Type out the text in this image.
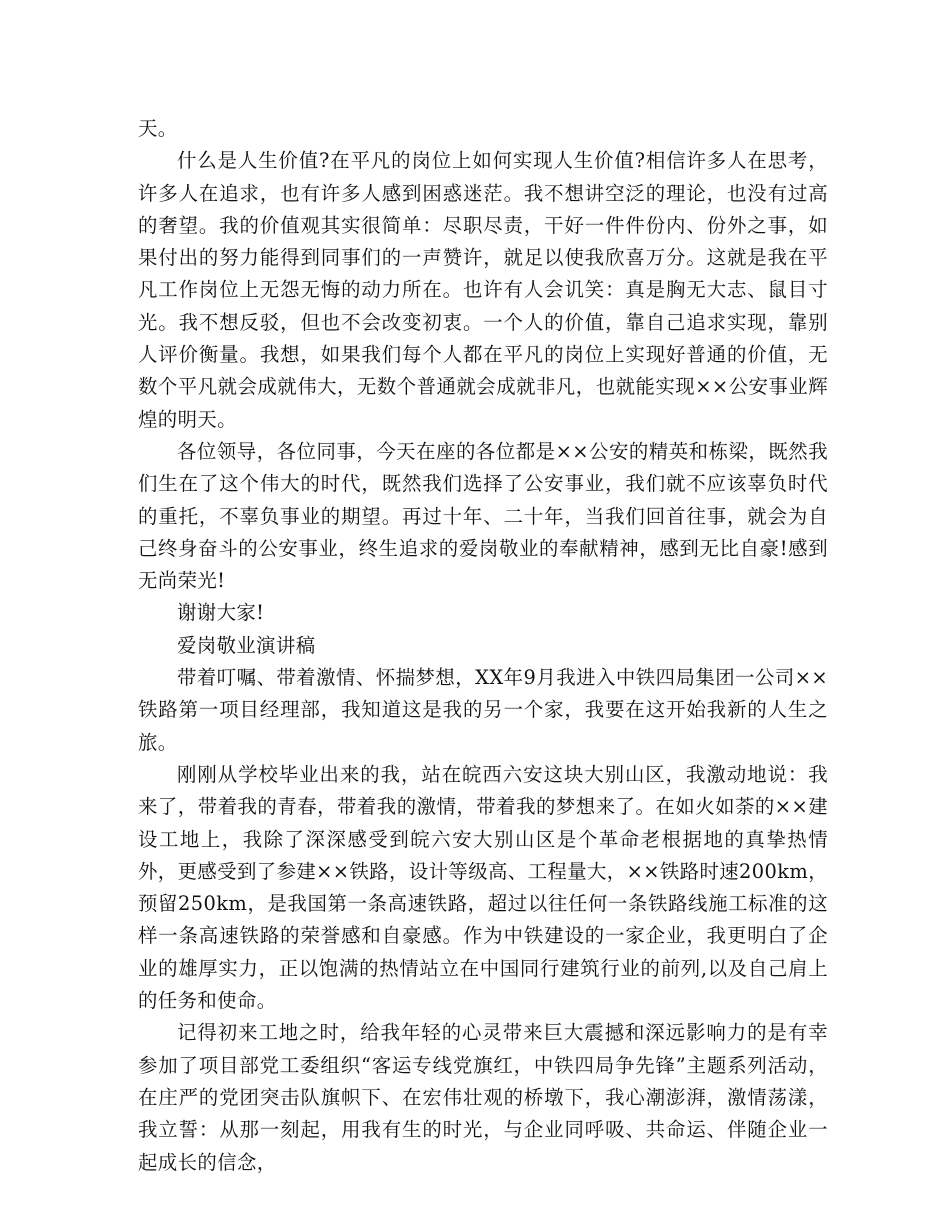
天。

什么是人生价值?在平凡的岗位上如何实现人生价值?相信许多人在思考，许多人在追求，也有许多人感到困惑迷茫。我不想讲空泛的理论，也没有过高的奢望。我的价值观其实很简单：尽职尽责，干好一件件份内、份外之事，如果付出的努力能得到同事们的一声赞许，就足以使我欣喜万分。这就是我在平凡工作岗位上无怨无悔的动力所在。也许有人会讥笑：真是胸无大志、鼠目寸光。我不想反驳，但也不会改变初衷。一个人的价值，靠自己追求实现，靠别人评价衡量。我想，如果我们每个人都在平凡的岗位上实现好普通的价值，无数个平凡就会成就伟大，无数个普通就会成就非凡，也就能实现××公安事业辉煌的明天。

各位领导，各位同事，今天在座的各位都是××公安的精英和栋梁，既然我们生在了这个伟大的时代，既然我们选择了公安事业，我们就不应该辜负时代的重托，不辜负事业的期望。再过十年、二十年，当我们回首往事，就会为自己终身奋斗的公安事业，终生追求的爱岗敬业的奉献精神，感到无比自豪!感到无尚荣光!

谢谢大家!

爱岗敬业演讲稿

带着叮嘱、带着激情、怀揣梦想，XX年9月我进入中铁四局集团一公司××铁路第一项目经理部，我知道这是我的另一个家，我要在这开始我新的人生之旅。

刚刚从学校毕业出来的我，站在皖西六安这块大别山区，我激动地说：我来了，带着我的青春，带着我的激情，带着我的梦想来了。在如火如荼的××建设工地上，我除了深深感受到皖六安大别山区是个革命老根据地的真挚热情外，更感受到了参建××铁路，设计等级高、工程量大，××铁路时速200km，预留250km，是我国第一条高速铁路，超过以往任何一条铁路线施工标准的这样一条高速铁路的荣誉感和自豪感。作为中铁建设的一家企业，我更明白了企业的雄厚实力，正以饱满的热情站立在中国同行建筑行业的前列,以及自己肩上的任务和使命。

记得初来工地之时，给我年轻的心灵带来巨大震撼和深远影响力的是有幸参加了项目部党工委组织“客运专线党旗红，中铁四局争先锋”主题系列活动，在庄严的党团突击队旗帜下、在宏伟壮观的桥墩下，我心潮澎湃，激情荡漾，我立誓：从那一刻起，用我有生的时光，与企业同呼吸、共命运、伴随企业一起成长的信念，
